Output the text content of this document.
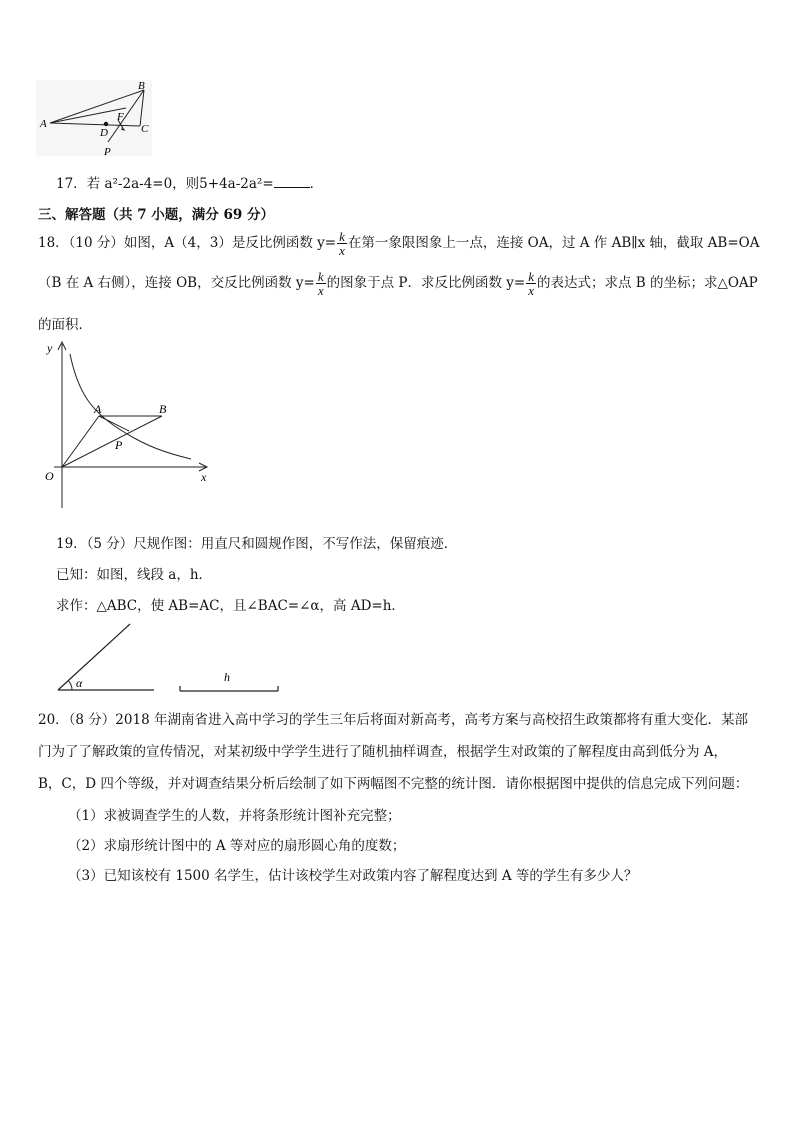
A
B
C
D
F
P
17．若 a²-2a-4=0，则5+4a-2a²=	．
三、解答题（共 7 小题，满分 69 分）
18．（10 分）如图，A（4，3）是反比例函数 $y= \frac{k}{x}$ 在第一象限图象上一点，连接 OA，过 A 作 AB∥x 轴，截取 AB=OA
（B 在 A 右侧），连接 OB，交反比例函数 $y= \frac{k}{x}$ 的图象于点 P．求反比例函数 $y= \frac{k}{x}$ 的表达式；求点 B 的坐标；求△OAP
的面积．
y
x
O
A	B
P
19．（5 分）尺规作图：用直尺和圆规作图，不写作法，保留痕迹．
已知：如图，线段 a，h．
求作：△ABC，使 AB=AC，且∠BAC=∠α，高 AD=h．
α	h
20．（8 分）2018 年湖南省进入高中学习的学生三年后将面对新高考，高考方案与高校招生政策都将有重大变化．某部
门为了了解政策的宣传情况，对某初级中学学生进行了随机抽样调查，根据学生对政策的了解程度由高到低分为 A，
B，C，D 四个等级，并对调查结果分析后绘制了如下两幅图不完整的统计图．请你根据图中提供的信息完成下列问题：
（1）求被调查学生的人数，并将条形统计图补充完整；
（2）求扇形统计图中的 A 等对应的扇形圆心角的度数；
（3）已知该校有 1500 名学生，估计该校学生对政策内容了解程度达到 A 等的学生有多少人？
